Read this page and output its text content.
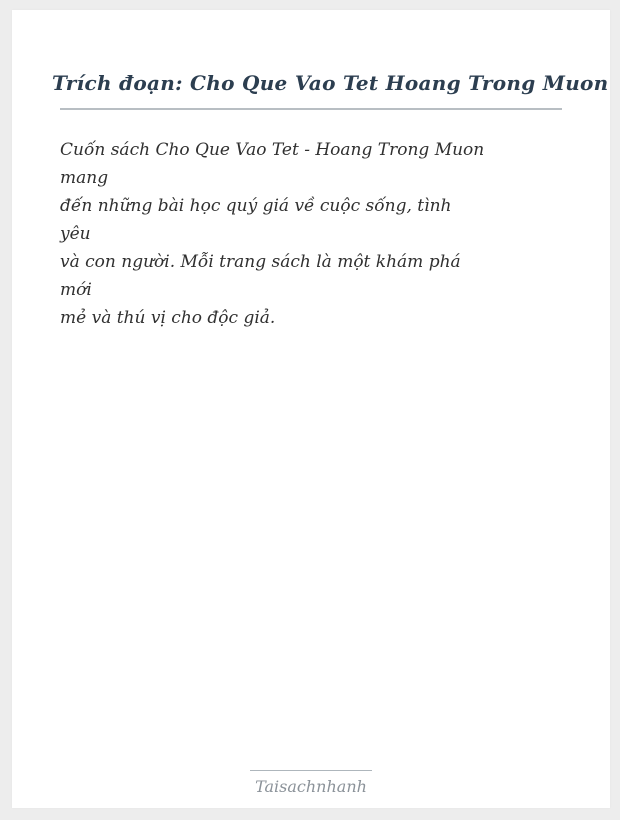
Trích đoạn: Cho Que Vao Tet Hoang Trong Muon
Cuốn sách Cho Que Vao Tet - Hoang Trong Muon
mang
đến những bài học quý giá về cuộc sống, tình
yêu
và con người. Mỗi trang sách là một khám phá
mới
mẻ và thú vị cho độc giả.
Taisachnhanh
